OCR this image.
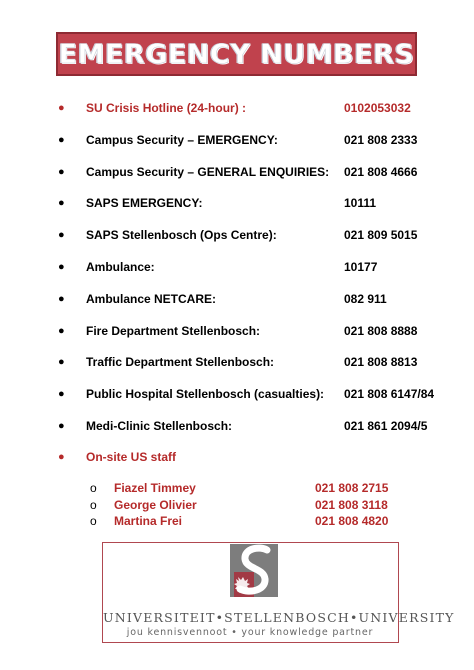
EMERGENCY NUMBERS
● SU Crisis Hotline (24-hour) :	0102053032
● Campus Security – EMERGENCY:	021 808 2333
● Campus Security – GENERAL ENQUIRIES: 021 808 4666
● SAPS EMERGENCY:	10111
● SAPS Stellenbosch (Ops Centre):	021 809 5015
● Ambulance:	10177
● Ambulance NETCARE:	082 911
● Fire Department Stellenbosch:	021 808 8888
● Traffic Department Stellenbosch:	021 808 8813
● Public Hospital Stellenbosch (casualties): 021 808 6147/84
● Medi-Clinic Stellenbosch:	021 861 2094/5
● On-site US staff
o Fiazel Timmey	021 808 2715
o George Olivier	021 808 3118
o Martina Frei	021 808 4820
UNIVERSITEIT•STELLENBOSCH•UNIVERSITY
jou kennisvennoot • your knowledge partner
